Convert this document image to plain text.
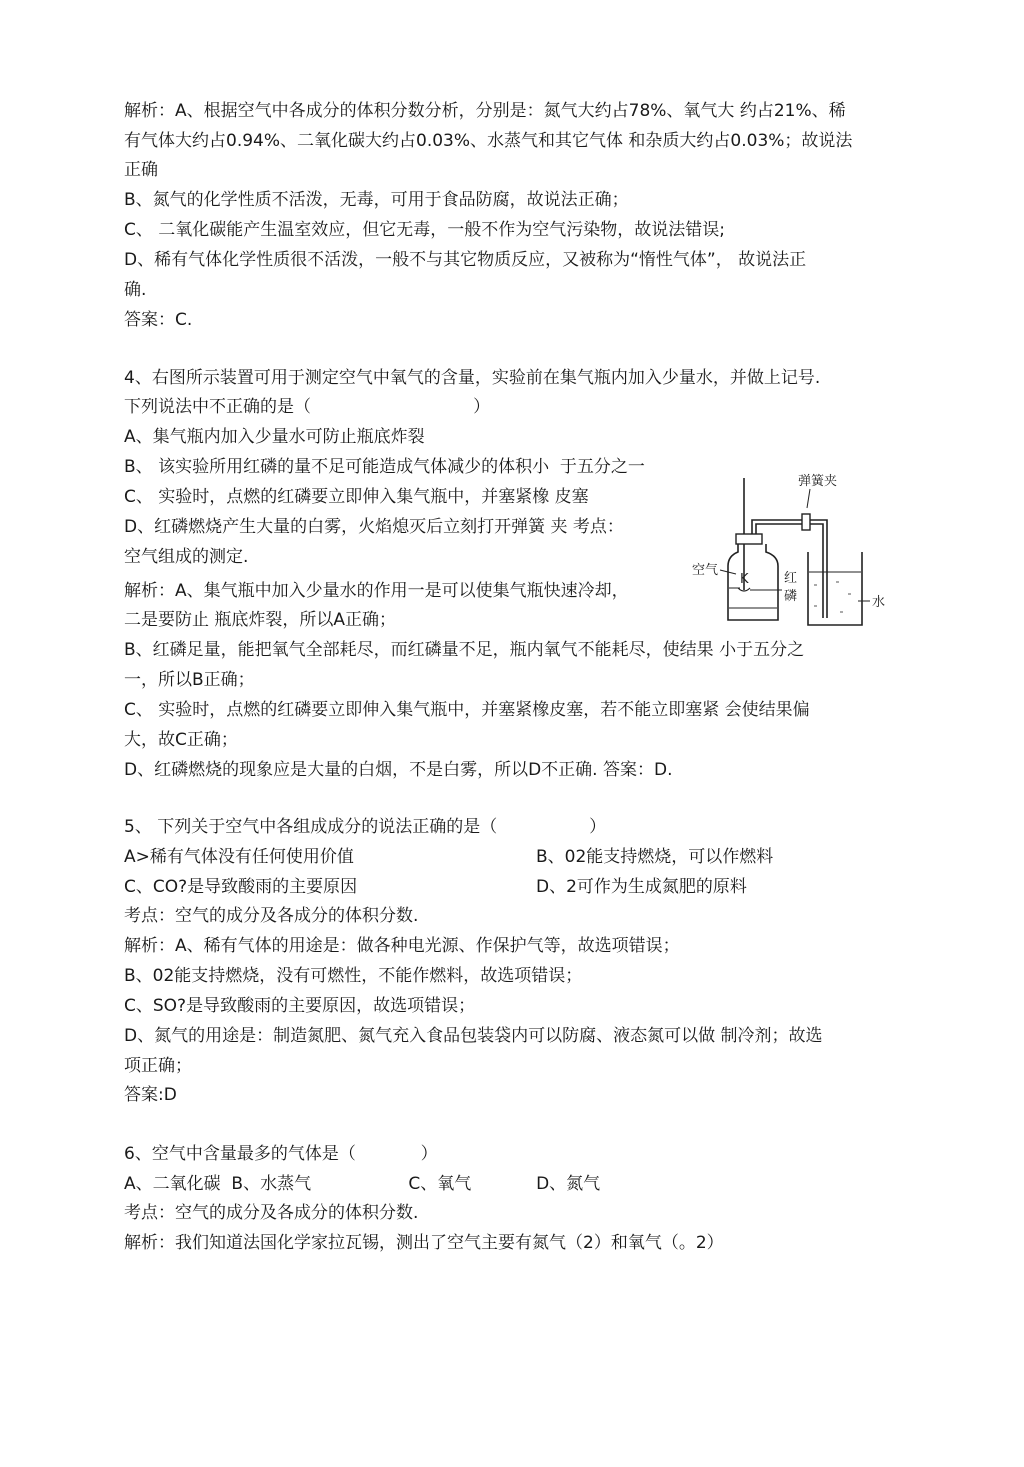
解析：A、根据空气中各成分的体积分数分析，分别是：氮气大约占78%、氧气大 约占21%、稀
有气体大约占0.94%、二氧化碳大约占0.03%、水蒸气和其它气体 和杂质大约占0.03%；故说法
正确
B、氮气的化学性质不活泼，无毒，可用于食品防腐，故说法正确；
C、 二氧化碳能产生温室效应，但它无毒，一般不作为空气污染物，故说法错误;
D、稀有气体化学性质很不活泼，一般不与其它物质反应，又被称为“惰性气体”， 故说法正
确.
答案：C.
4、右图所示装置可用于测定空气中氧气的含量，实验前在集气瓶内加入少量水，并做上记号.
下列说法中不正确的是（                              ）
A、集气瓶内加入少量水可防止瓶底炸裂
B、 该实验所用红磷的量不足可能造成气体减少的体积小  于五分之一
C、 实验时，点燃的红磷要立即伸入集气瓶中，并塞紧橡 皮塞
D、红磷燃烧产生大量的白雾，火焰熄灭后立刻打开弹簧 夹 考点：
空气组成的测定.
解析：A、集气瓶中加入少量水的作用一是可以使集气瓶快速冷却，
二是要防止 瓶底炸裂，所以A正确；
B、红磷足量，能把氧气全部耗尽，而红磷量不足，瓶内氧气不能耗尽，使结果 小于五分之
一，所以B正确；
C、 实验时，点燃的红磷要立即伸入集气瓶中，并塞紧橡皮塞，若不能立即塞紧 会使结果偏
大，故C正确；
D、红磷燃烧的现象应是大量的白烟，不是白雾，所以D不正确. 答案：D.
弹簧夹
K
空气
红
磷	水
5、 下列关于空气中各组成成分的说法正确的是（                 ）
A>稀有气体没有任何使用价值	B、02能支持燃烧，可以作燃料
C、CO?是导致酸雨的主要原因	D、2可作为生成氮肥的原料
考点：空气的成分及各成分的体积分数.
解析：A、稀有气体的用途是：做各种电光源、作保护气等，故选项错误；
B、02能支持燃烧，没有可燃性，不能作燃料，故选项错误；
C、SO?是导致酸雨的主要原因，故选项错误；
D、氮气的用途是：制造氮肥、氮气充入食品包装袋内可以防腐、液态氮可以做 制冷剂；故选
项正确；
答案:D
6、空气中含量最多的气体是（            ）
A、二氧化碳  B、水蒸气                  C、氧气            D、氮气
考点：空气的成分及各成分的体积分数.
解析：我们知道法国化学家拉瓦锡，测出了空气主要有氮气（2）和氧气（。2）
